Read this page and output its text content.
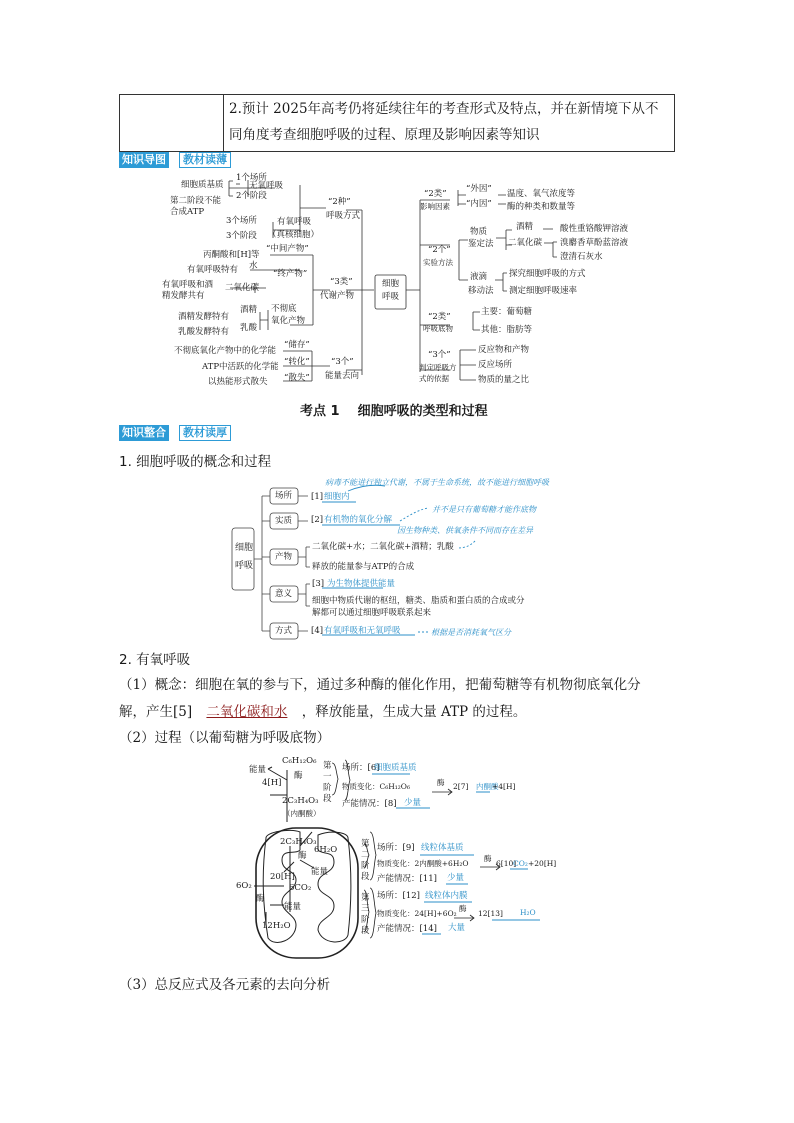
2.预计 2025年高考仍将延续往年的考查形式及特点，并在新情境下从不
同角度考查细胞呼吸的过程、原理及影响因素等知识
知识导图	教材读薄
细胞质基质
第二阶段不能
合成ATP
1个场所
2个阶段
无氧呼吸
3个场所
3个阶段
有氧呼吸
（真核细胞）
“2种”
呼吸方式
丙酮酸和[H]等
“中间产物”
有氧呼吸特有 水
“终产物”
有氧呼吸和酒
精发酵共有
二氧化碳
“3类”
代谢产物
酒精发酵特有
酒精
乳酸发酵特有 乳酸
不彻底
氧化产物
不彻底氧化产物中的化学能
“储存”
ATP中活跃的化学能 “转化”
以热能形式散失 “散失”
“3个”
能量去向
细胞
呼吸
“2类”
影响因素
“外因”
“内因”
温度、氧气浓度等
酶的种类和数量等
“2个”
实验方法
物质
鉴定法
酒精
二氧化碳
酸性重铬酸钾溶液
溴麝香草酚蓝溶液
澄清石灰水
液滴
移动法
探究细胞呼吸的方式
测定细胞呼吸速率
“2类”
呼吸底物
主要：葡萄糖
其他：脂肪等
“3个”
判定呼吸方
式的依据
反应物和产物
反应场所
物质的量之比
考点 1    细胞呼吸的类型和过程
知识整合	教材读厚
1. 细胞呼吸的概念和过程
病毒不能进行独立代谢，不属于生命系统，故不能进行细胞呼吸
细胞
呼吸
场所
实质
产物
意义
方式
[1] 细胞内
[2] 有机物的氧化分解
并不是只有葡萄糖才能作底物
因生物种类、供氧条件不同而存在差异
二氧化碳+水；二氧化碳+酒精；乳酸
释放的能量参与ATP的合成
[3] 为生物体提供能量
细胞中物质代谢的枢纽，糖类、脂质和蛋白质的合成或分
解都可以通过细胞呼吸联系起来
[4] 有氧呼吸和无氧呼吸	根据是否消耗氧气区分
2. 有氧呼吸
（1）概念：细胞在氧的参与下，通过多种酶的催化作用，把葡萄糖等有机物彻底氧化分
解，产生[5] 二氧化碳和水 ，释放能量，生成大量 ATP 的过程。
（2）过程（以葡萄糖为呼吸底物）
能量
4[H]
C₆H₁₂O₆
酶
2C₃H₄O₃
（内酮酸）
2C₃H₄O₃
6H₂O
酶
能量
20[H]
6CO₂
6O₂
酶
能量
12H₂O
第
一
阶
段
场所：[6]
细胞质基质
物质变化：C₆H₁₂O₆	酶 2[7] 内酮酸
+4[H]
产能情况：[8] 少量
第
二
阶
段
场所：[9] 线粒体基质
物质变化：2内酮酸+6H₂O
酶
6[10]
CO₂ +20[H]
产能情况：[11] 少量
第
三
阶
段
场所：[12] 线粒体内膜
物质变化：24[H]+6O₂
酶
12[13] H₂O
产能情况：[14] 大量
（3）总反应式及各元素的去向分析
